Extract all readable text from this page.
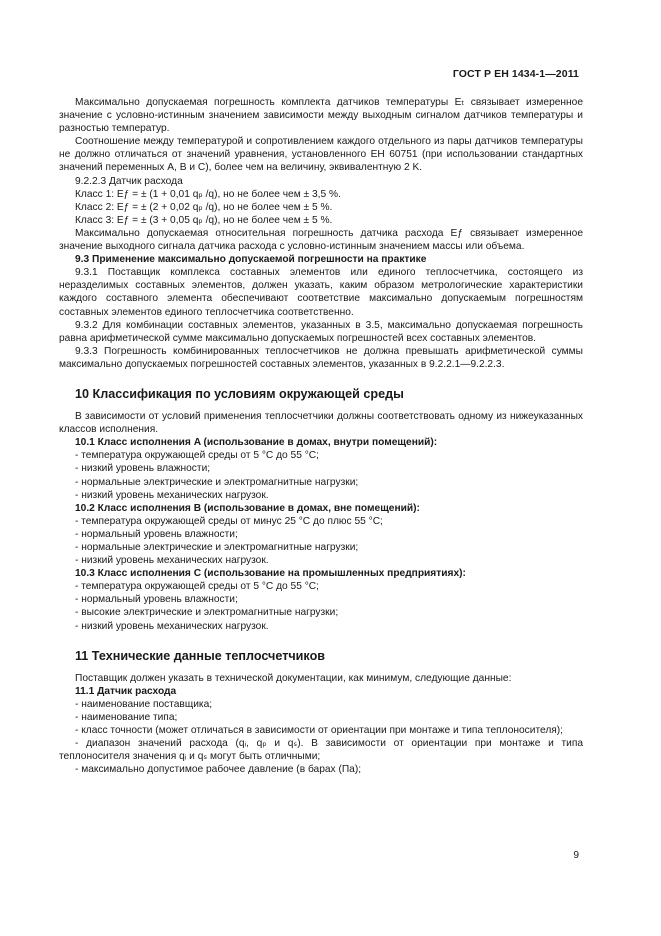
ГОСТ Р ЕН 1434-1—2011

Максимально допускаемая погрешность комплекта датчиков температуры Eₜ связывает измеренное значение с условно-истинным значением зависимости между выходным сигналом датчиков температуры и разностью температур.

Соотношение между температурой и сопротивлением каждого отдельного из пары датчиков температуры не должно отличаться от значений уравнения, установленного ЕН 60751 (при использовании стандартных значений переменных A, B и C), более чем на величину, эквивалентную 2 K.

9.2.2.3 Датчик расхода

Класс 1: Eƒ = ± (1 + 0,01 qₚ /q), но не более чем ± 3,5 %.

Класс 2: Eƒ = ± (2 + 0,02 qₚ /q), но не более чем ± 5 %.

Класс 3: Eƒ = ± (3 + 0,05 qₚ /q), но не более чем ± 5 %.

Максимально допускаемая относительная погрешность датчика расхода Eƒ связывает измеренное значение выходного сигнала датчика расхода с условно-истинным значением массы или объема.

9.3 Применение максимально допускаемой погрешности на практике

9.3.1 Поставщик комплекса составных элементов или единого теплосчетчика, состоящего из неразделимых составных элементов, должен указать, каким образом метрологические характеристики каждого составного элемента обеспечивают соответствие максимально допускаемым погрешностям составных элементов единого теплосчетчика соответственно.

9.3.2 Для комбинации составных элементов, указанных в 3.5, максимально допускаемая погрешность равна арифметической сумме максимально допускаемых погрешностей всех составных элементов.

9.3.3 Погрешность комбинированных теплосчетчиков не должна превышать арифметической суммы максимально допускаемых погрешностей составных элементов, указанных в 9.2.2.1—9.2.2.3.

10 Классификация по условиям окружающей среды

В зависимости от условий применения теплосчетчики должны соответствовать одному из нижеуказанных классов исполнения.

10.1 Класс исполнения A (использование в домах, внутри помещений):

- температура окружающей среды от 5 °C до 55 °C;

- низкий уровень влажности;

- нормальные электрические и электромагнитные нагрузки;

- низкий уровень механических нагрузок.

10.2 Класс исполнения B (использование в домах, вне помещений):

- температура окружающей среды от минус 25 °C до плюс 55 °C;

- нормальный уровень влажности;

- нормальные электрические и электромагнитные нагрузки;

- низкий уровень механических нагрузок.

10.3 Класс исполнения C (использование на промышленных предприятиях):

- температура окружающей среды от 5 °C до 55 °C;

- нормальный уровень влажности;

- высокие электрические и электромагнитные нагрузки;

- низкий уровень механических нагрузок.

11 Технические данные теплосчетчиков

Поставщик должен указать в технической документации, как минимум, следующие данные:

11.1 Датчик расхода

- наименование поставщика;

- наименование типа;

- класс точности (может отличаться в зависимости от ориентации при монтаже и типа теплоносителя);

- диапазон значений расхода (qᵢ, qₚ и qₛ). В зависимости от ориентации при монтаже и типа теплоносителя значения qᵢ и qₛ могут быть отличными;

- максимально допустимое рабочее давление (в барах (Па);

9
